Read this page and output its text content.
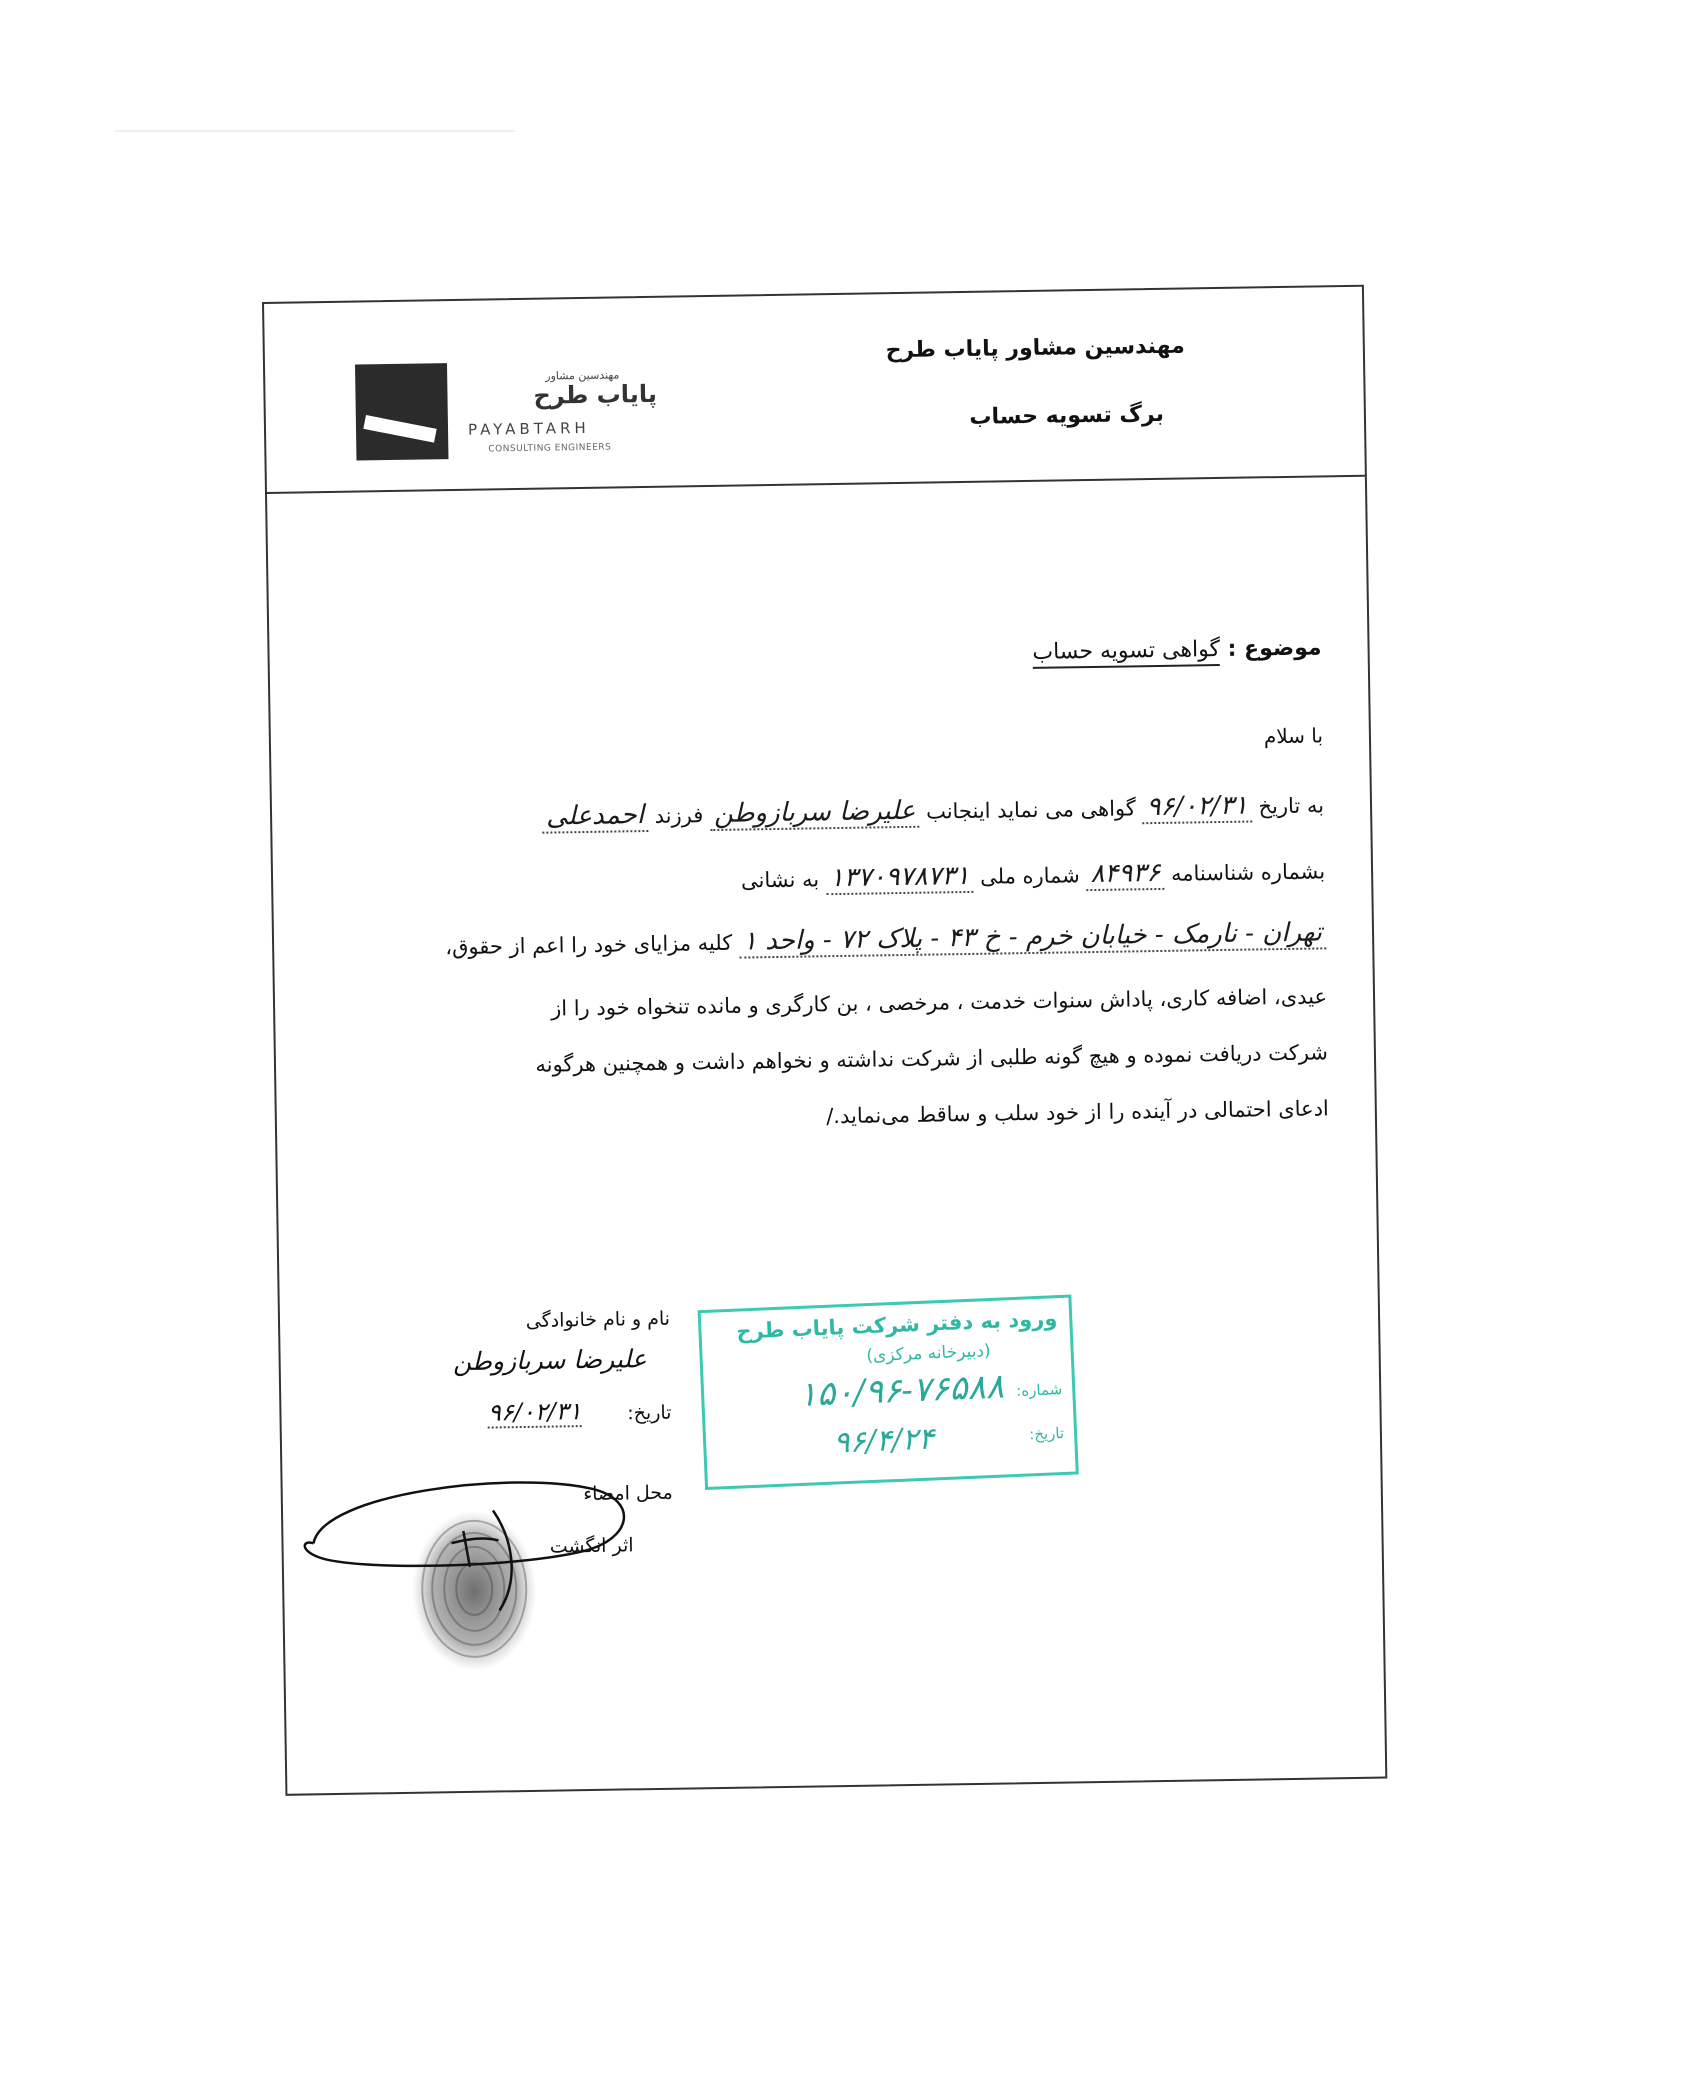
مهندسین مشاور
پایاب طرح
PAYABTARH
CONSULTING ENGINEERS
مهندسین مشاور پایاب طرح
برگ تسویه حساب
موضوع : گواهی تسویه حساب
با سلام
به تاریخ ۹۶/۰۲/۳۱ گواهی می نماید اینجانب علیرضا سربازوطن فرزند احمدعلی
بشماره شناسنامه ۸۴۹۳۶ شماره ملی ۱۳۷۰۹۷۸۷۳۱ به نشانی
تهران - نارمک - خیابان خرم - خ ۴۳ - پلاک ۷۲ - واحد ۱ کلیه مزایای خود را اعم از حقوق،
عیدی، اضافه کاری، پاداش سنوات خدمت ، مرخصی ، بن کارگری و مانده تنخواه خود را از
شرکت دریافت نموده و هیچ گونه طلبی از شرکت نداشته و نخواهم داشت و همچنین هرگونه
ادعای احتمالی در آینده را از خود سلب و ساقط می‌نماید./
ورود به دفتر شرکت پایاب طرح
(دبیرخانه مرکزی)
شماره:
۱۵۰/۹۶-۷۶۵۸۸
تاریخ:
۹۶/۴/۲۴
نام و نام خانوادگی
علیرضا سربازوطن
تاریخ:
۹۶/۰۲/۳۱
محل امضاء
اثر انگشت
